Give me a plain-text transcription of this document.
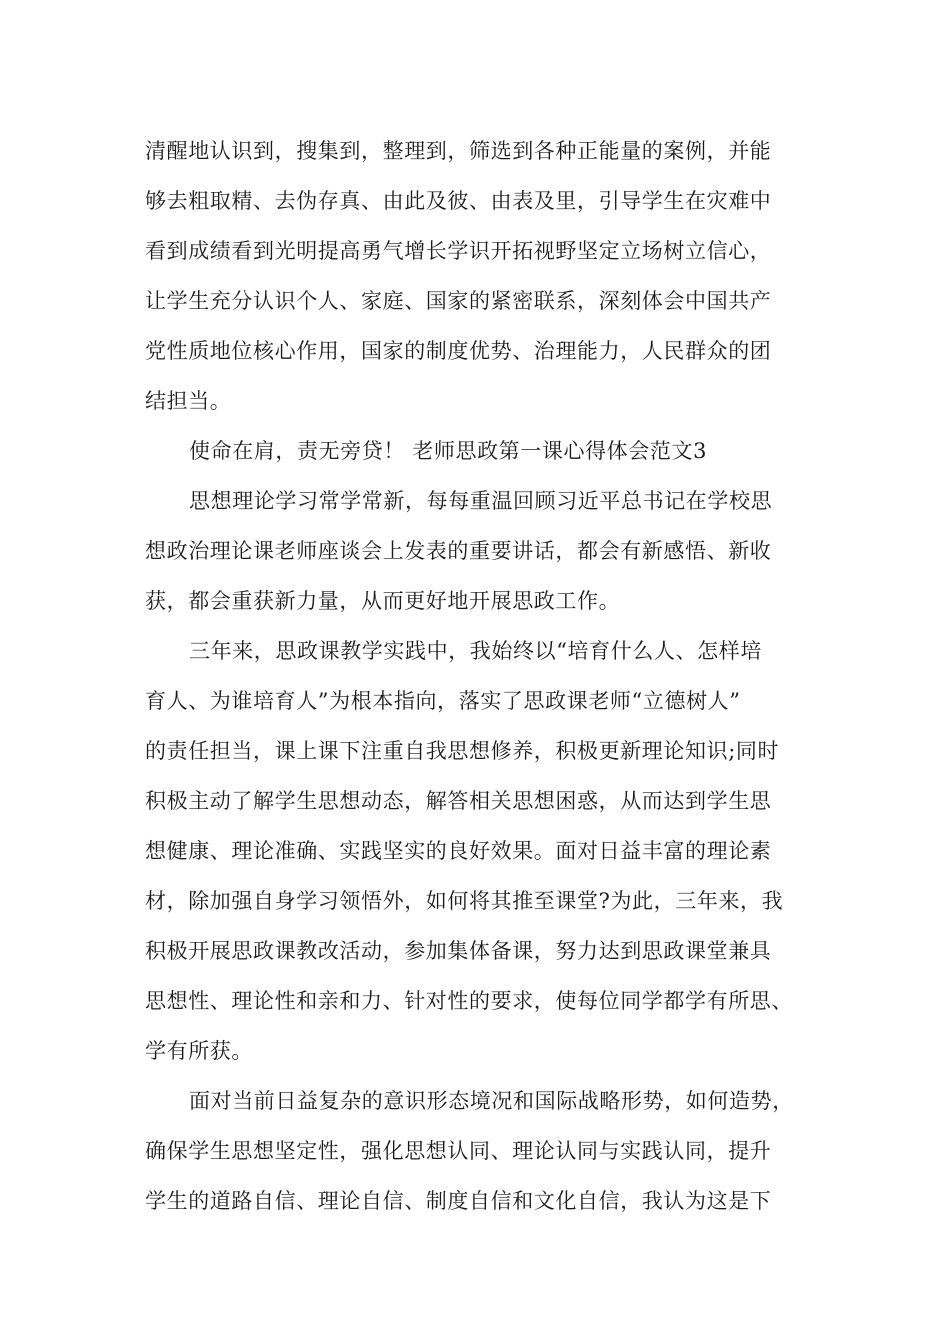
清醒地认识到，搜集到，整理到，筛选到各种正能量的案例，并能
够去粗取精、去伪存真、由此及彼、由表及里，引导学生在灾难中
看到成绩看到光明提高勇气增长学识开拓视野坚定立场树立信心，
让学生充分认识个人、家庭、国家的紧密联系，深刻体会中国共产
党性质地位核心作用，国家的制度优势、治理能力，人民群众的团
结担当。
使命在肩，责无旁贷！ 老师思政第一课心得体会范文3
思想理论学习常学常新，每每重温回顾习近平总书记在学校思
想政治理论课老师座谈会上发表的重要讲话，都会有新感悟、新收
获，都会重获新力量，从而更好地开展思政工作。
三年来，思政课教学实践中，我始终以“培育什么人、怎样培
育人、为谁培育人”为根本指向，落实了思政课老师“立德树人”
的责任担当，课上课下注重自我思想修养，积极更新理论知识;同时
积极主动了解学生思想动态，解答相关思想困惑，从而达到学生思
想健康、理论准确、实践坚实的良好效果。面对日益丰富的理论素
材，除加强自身学习领悟外，如何将其推至课堂?为此，三年来，我
积极开展思政课教改活动，参加集体备课，努力达到思政课堂兼具
思想性、理论性和亲和力、针对性的要求，使每位同学都学有所思、
学有所获。
面对当前日益复杂的意识形态境况和国际战略形势，如何造势，
确保学生思想坚定性，强化思想认同、理论认同与实践认同，提升
学生的道路自信、理论自信、制度自信和文化自信，我认为这是下
